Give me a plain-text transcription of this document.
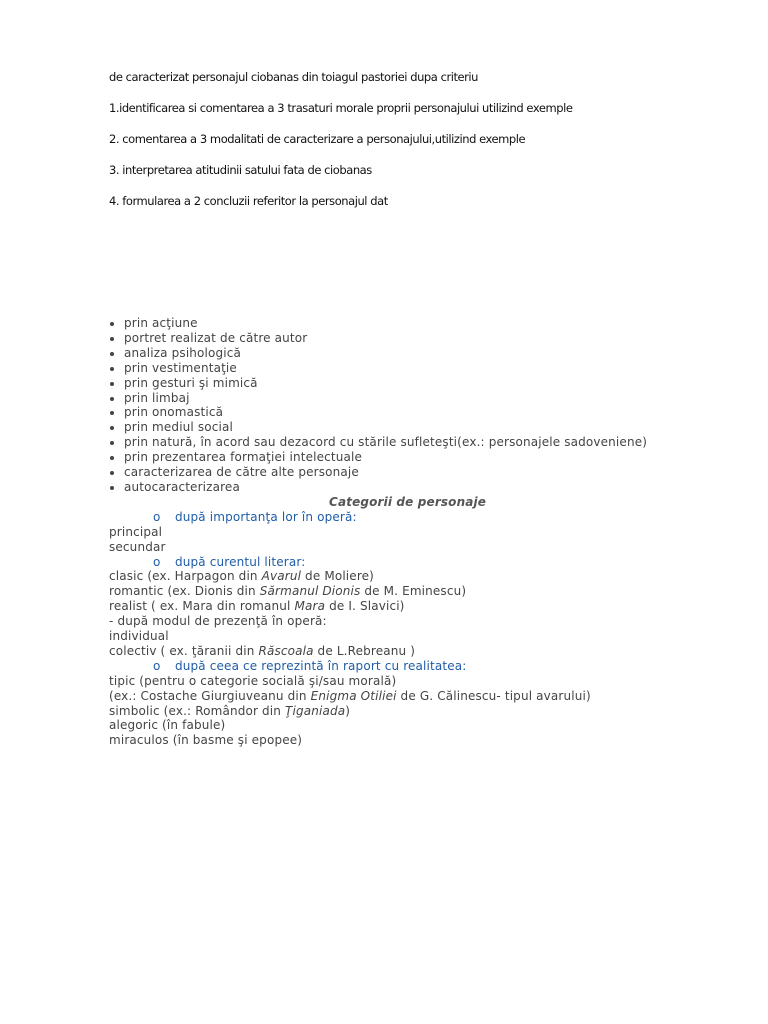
de caracterizat personajul ciobanas din toiagul pastoriei dupa criteriu

1.identificarea si comentarea a 3 trasaturi morale proprii personajului utilizind exemple

2. comentarea a 3 modalitati de caracterizare a personajului,utilizind exemple

3. interpretarea atitudinii satului fata de ciobanas

4. formularea a 2 concluzii referitor la personajul dat

prin acţiune
portret realizat de către autor
analiza psihologică
prin vestimentaţie
prin gesturi şi mimică
prin limbaj
prin onomastică
prin mediul social
prin natură, în acord sau dezacord cu stările sufleteşti(ex.: personajele sadoveniene)
prin prezentarea formaţiei intelectuale
caracterizarea de către alte personaje
autocaracterizarea
Categorii de personaje
o după importanţa lor în operă:
principal
secundar
o după curentul literar:
clasic (ex. Harpagon din Avarul de Moliere)
romantic (ex. Dionis din Sărmanul Dionis de M. Eminescu)
realist ( ex. Mara din romanul Mara de I. Slavici)
- după modul de prezenţă în operă:
individual
colectiv ( ex. ţăranii din Răscoala de L.Rebreanu )
o după ceea ce reprezintă în raport cu realitatea:
tipic (pentru o categorie socială şi/sau morală)
(ex.: Costache Giurgiuveanu din Enigma Otiliei de G. Călinescu- tipul avarului)
simbolic (ex.: Romândor din Ţiganiada)
alegoric (în fabule)
miraculos (în basme şi epopee)
